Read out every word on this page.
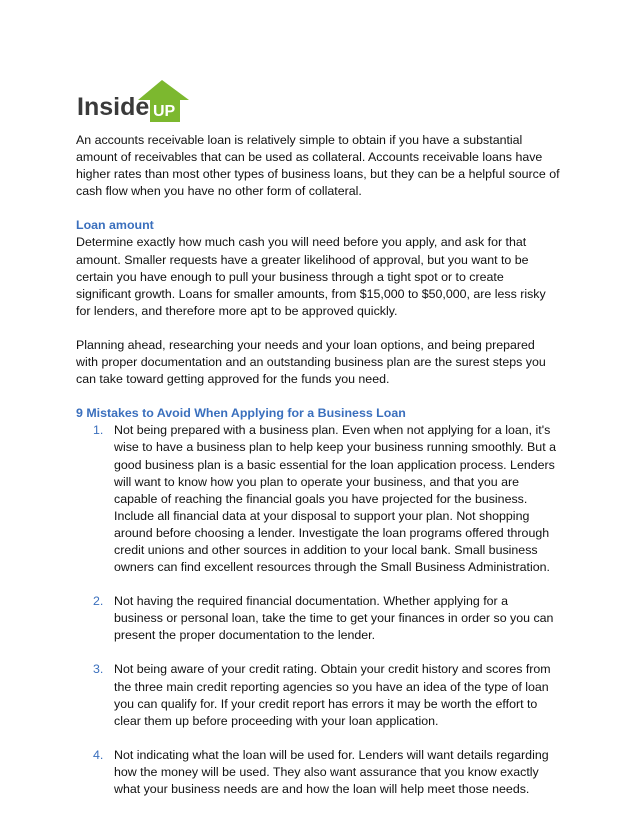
Inside UP

An accounts receivable loan is relatively simple to obtain if you have a substantial amount of receivables that can be used as collateral. Accounts receivable loans have higher rates than most other types of business loans, but they can be a helpful source of cash flow when you have no other form of collateral.

Loan amount

Determine exactly how much cash you will need before you apply, and ask for that amount. Smaller requests have a greater likelihood of approval, but you want to be certain you have enough to pull your business through a tight spot or to create significant growth. Loans for smaller amounts, from $15,000 to $50,000, are less risky for lenders, and therefore more apt to be approved quickly.

Planning ahead, researching your needs and your loan options, and being prepared with proper documentation and an outstanding business plan are the surest steps you can take toward getting approved for the funds you need.

9 Mistakes to Avoid When Applying for a Business Loan

1. Not being prepared with a business plan. Even when not applying for a loan, it's wise to have a business plan to help keep your business running smoothly. But a good business plan is a basic essential for the loan application process. Lenders will want to know how you plan to operate your business, and that you are capable of reaching the financial goals you have projected for the business. Include all financial data at your disposal to support your plan. Not shopping around before choosing a lender. Investigate the loan programs offered through credit unions and other sources in addition to your local bank. Small business owners can find excellent resources through the Small Business Administration.
2. Not having the required financial documentation. Whether applying for a business or personal loan, take the time to get your finances in order so you can present the proper documentation to the lender.
3. Not being aware of your credit rating. Obtain your credit history and scores from the three main credit reporting agencies so you have an idea of the type of loan you can qualify for. If your credit report has errors it may be worth the effort to clear them up before proceeding with your loan application.
4. Not indicating what the loan will be used for. Lenders will want details regarding how the money will be used. They also want assurance that you know exactly what your business needs are and how the loan will help meet those needs.
